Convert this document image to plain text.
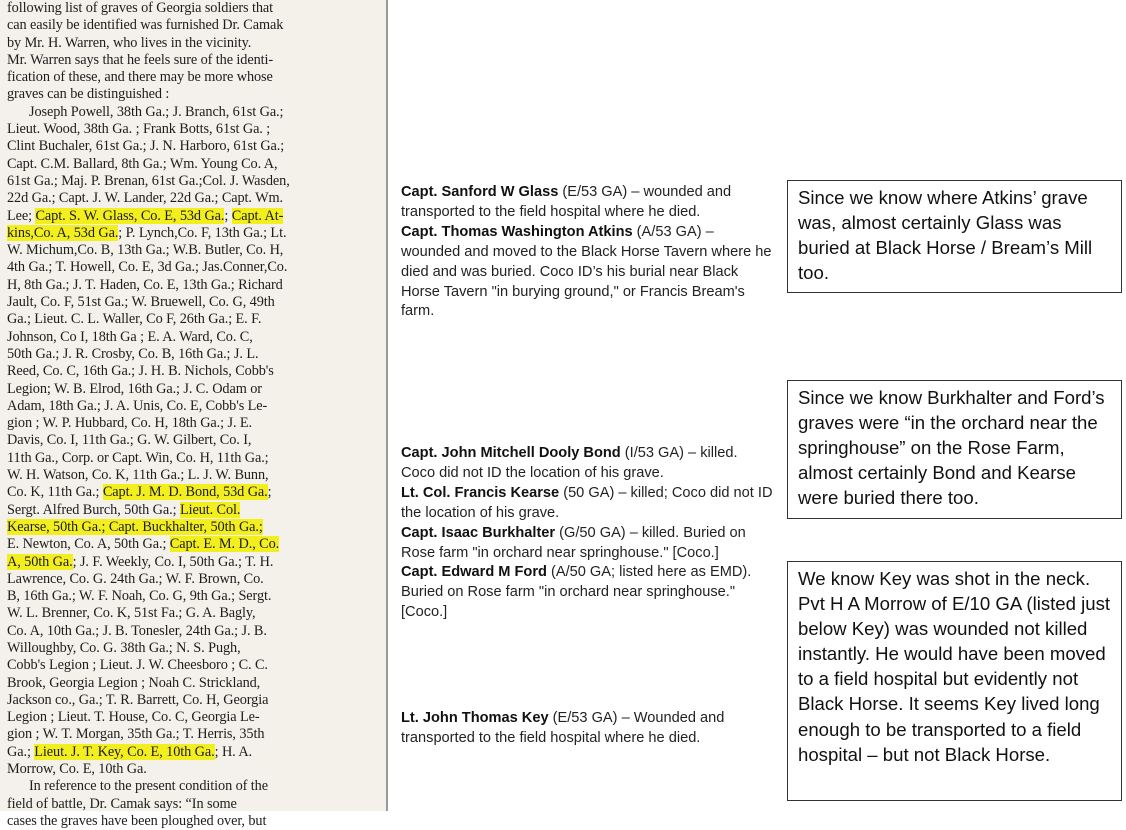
following list of graves of Georgia soldiers that
can easily be identified was furnished Dr. Camak
by Mr. H. Warren, who lives in the vicinity.
Mr. Warren says that he feels sure of the identi-
fication of these, and there may be more whose
graves can be distinguished :
Joseph Powell, 38th Ga.; J. Branch, 61st Ga.;
Lieut. Wood, 38th Ga. ; Frank Botts, 61st Ga. ;
Clint Buchaler, 61st Ga.; J. N. Harboro, 61st Ga.;
Capt. C.M. Ballard, 8th Ga.; Wm. Young Co. A,
61st Ga.; Maj. P. Brenan, 61st Ga.;Col. J. Wasden,
22d Ga.; Capt. J. W. Lander, 22d Ga.; Capt. Wm.
Lee; Capt. S. W. Glass, Co. E, 53d Ga.; Capt. At-
kins,Co. A, 53d Ga.; P. Lynch,Co. F, 13th Ga.; Lt.
W. Michum,Co. B, 13th Ga.; W.B. Butler, Co. H,
4th Ga.; T. Howell, Co. E, 3d Ga.; Jas.Conner,Co.
H, 8th Ga.; J. T. Haden, Co. E, 13th Ga.; Richard
Jault, Co. F, 51st Ga.; W. Bruewell, Co. G, 49th
Ga.; Lieut. C. L. Waller, Co F, 26th Ga.; E. F.
Johnson, Co I, 18th Ga ; E. A. Ward, Co. C,
50th Ga.; J. R. Crosby, Co. B, 16th Ga.; J. L.
Reed, Co. C, 16th Ga.; J. H. B. Nichols, Cobb's
Legion; W. B. Elrod, 16th Ga.; J. C. Odam or
Adam, 18th Ga.; J. A. Unis, Co. E, Cobb's Le-
gion ; W. P. Hubbard, Co. H, 18th Ga.; J. E.
Davis, Co. I, 11th Ga.; G. W. Gilbert, Co. I,
11th Ga., Corp. or Capt. Win, Co. H, 11th Ga.;
W. H. Watson, Co. K, 11th Ga.; L. J. W. Bunn,
Co. K, 11th Ga.; Capt. J. M. D. Bond, 53d Ga.;
Sergt. Alfred Burch, 50th Ga.; Lieut. Col.
Kearse, 50th Ga.; Capt. Buckhalter, 50th Ga.;
E. Newton, Co. A, 50th Ga.; Capt. E. M. D., Co.
A, 50th Ga.; J. F. Weekly, Co. I, 50th Ga.; T. H.
Lawrence, Co. G. 24th Ga.; W. F. Brown, Co.
B, 16th Ga.; W. F. Noah, Co. G, 9th Ga.; Sergt.
W. L. Brenner, Co. K, 51st Fa.; G. A. Bagly,
Co. A, 10th Ga.; J. B. Tonesler, 24th Ga.; J. B.
Willoughby, Co. G. 38th Ga.; N. S. Pugh,
Cobb's Legion ; Lieut. J. W. Cheesboro ; C. C.
Brook, Georgia Legion ; Noah C. Strickland,
Jackson co., Ga.; T. R. Barrett, Co. H, Georgia
Legion ; Lieut. T. House, Co. C, Georgia Le-
gion ; W. T. Morgan, 35th Ga.; T. Herris, 35th
Ga.; Lieut. J. T. Key, Co. E, 10th Ga.; H. A.
Morrow, Co. E, 10th Ga.
In reference to the present condition of the
field of battle, Dr. Camak says: “In some
cases the graves have been ploughed over, but

Capt. Sanford W Glass (E/53 GA) – wounded and transported to the field hospital where he died.

Capt. Thomas Washington Atkins (A/53 GA) – wounded and moved to the Black Horse Tavern where he died and was buried. Coco ID’s his burial near Black Horse Tavern "in burying ground," or Francis Bream's farm.

Capt. John Mitchell Dooly Bond (I/53 GA) – killed. Coco did not ID the location of his grave.

Lt. Col. Francis Kearse (50 GA) – killed; Coco did not ID the location of his grave.

Capt. Isaac Burkhalter (G/50 GA) – killed. Buried on Rose farm "in orchard near springhouse." [Coco.]

Capt. Edward M Ford (A/50 GA; listed here as EMD). Buried on Rose farm "in orchard near springhouse." [Coco.]

Lt. John Thomas Key (E/53 GA) – Wounded and transported to the field hospital where he died.

Since we know where Atkins’ grave was, almost certainly Glass was buried at Black Horse / Bream’s Mill too.
Since we know Burkhalter and Ford’s graves were “in the orchard near the springhouse” on the Rose Farm, almost certainly Bond and Kearse were buried there too.
We know Key was shot in the neck. Pvt H A Morrow of E/10 GA (listed just below Key) was wounded not killed instantly. He would have been moved to a field hospital but evidently not Black Horse. It seems Key lived long enough to be transported to a field hospital – but not Black Horse.
